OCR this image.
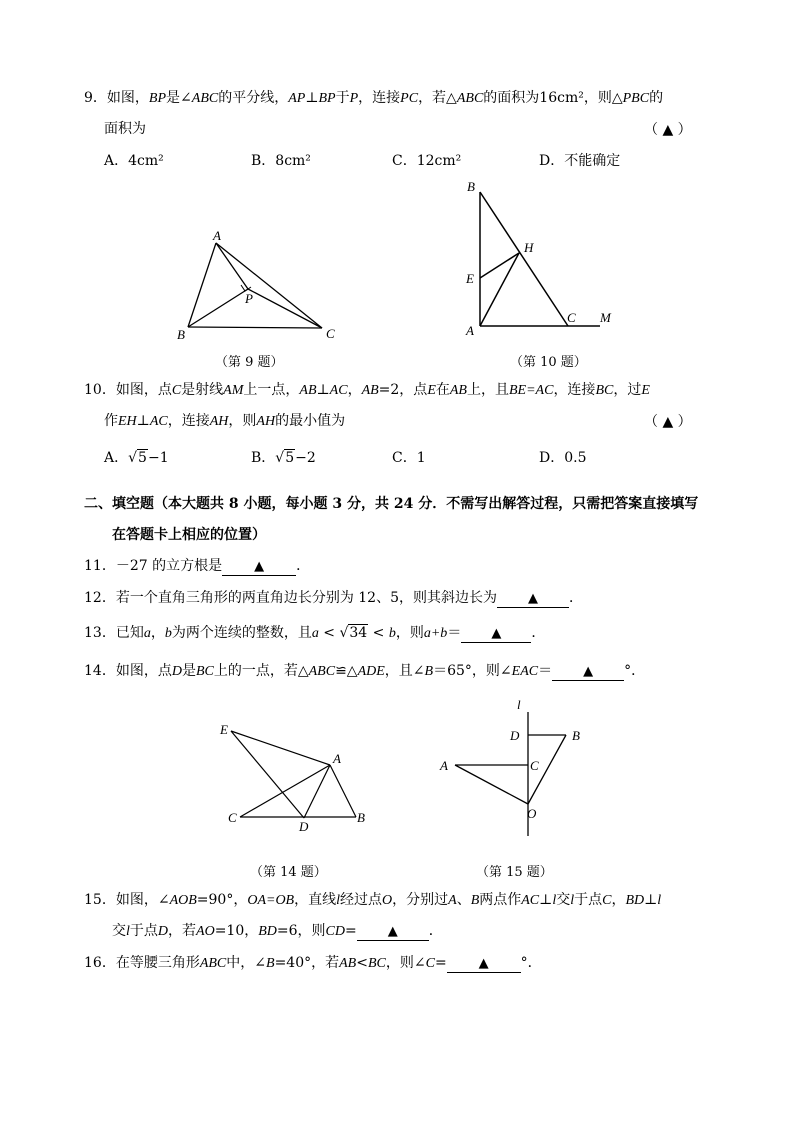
9．如图，BP是∠ABC的平分线，AP⊥BP于P，连接PC，若△ABC的面积为16cm²，则△PBC的
面积为	（ ▲ ）
A．4cm²	B．8cm²	C．12cm²	D．不能确定
A
B	C
P
（第 9 题）
B
H
E
A
C M
（第 10 题）
10．如图，点C是射线AM上一点，AB⊥AC，AB=2，点E在AB上，且BE=AC，连接BC，过E
作EH⊥AC，连接AH，则AH的最小值为	（ ▲ ）
A．√5−1	B．√5−2	C．1	D．0.5
二、填空题（本大题共 8 小题，每小题 3 分，共 24 分．不需写出解答过程，只需把答案直接填写
在答题卡上相应的位置）
11．－27 的立方根是 ▲ ．
12．若一个直角三角形的两直角边长分别为 12、5，则其斜边长为 ▲ ．
13．已知a，b为两个连续的整数，且a < √34 < b，则a+b＝ ▲ ．
14．如图，点D是BC上的一点，若△ABC≌△ADE，且∠B＝65°，则∠EAC＝ ▲ °．
E
A
C
D
B
（第 14 题）
l
D	B
A	C
O
（第 15 题）
15．如图，∠AOB=90°，OA=OB，直线l经过点O，分别过A、B两点作AC⊥l交l于点C，BD⊥l
交l于点D，若AO=10，BD=6，则CD= ▲ ．
16．在等腰三角形ABC中，∠B=40°，若AB<BC，则∠C= ▲ °．
